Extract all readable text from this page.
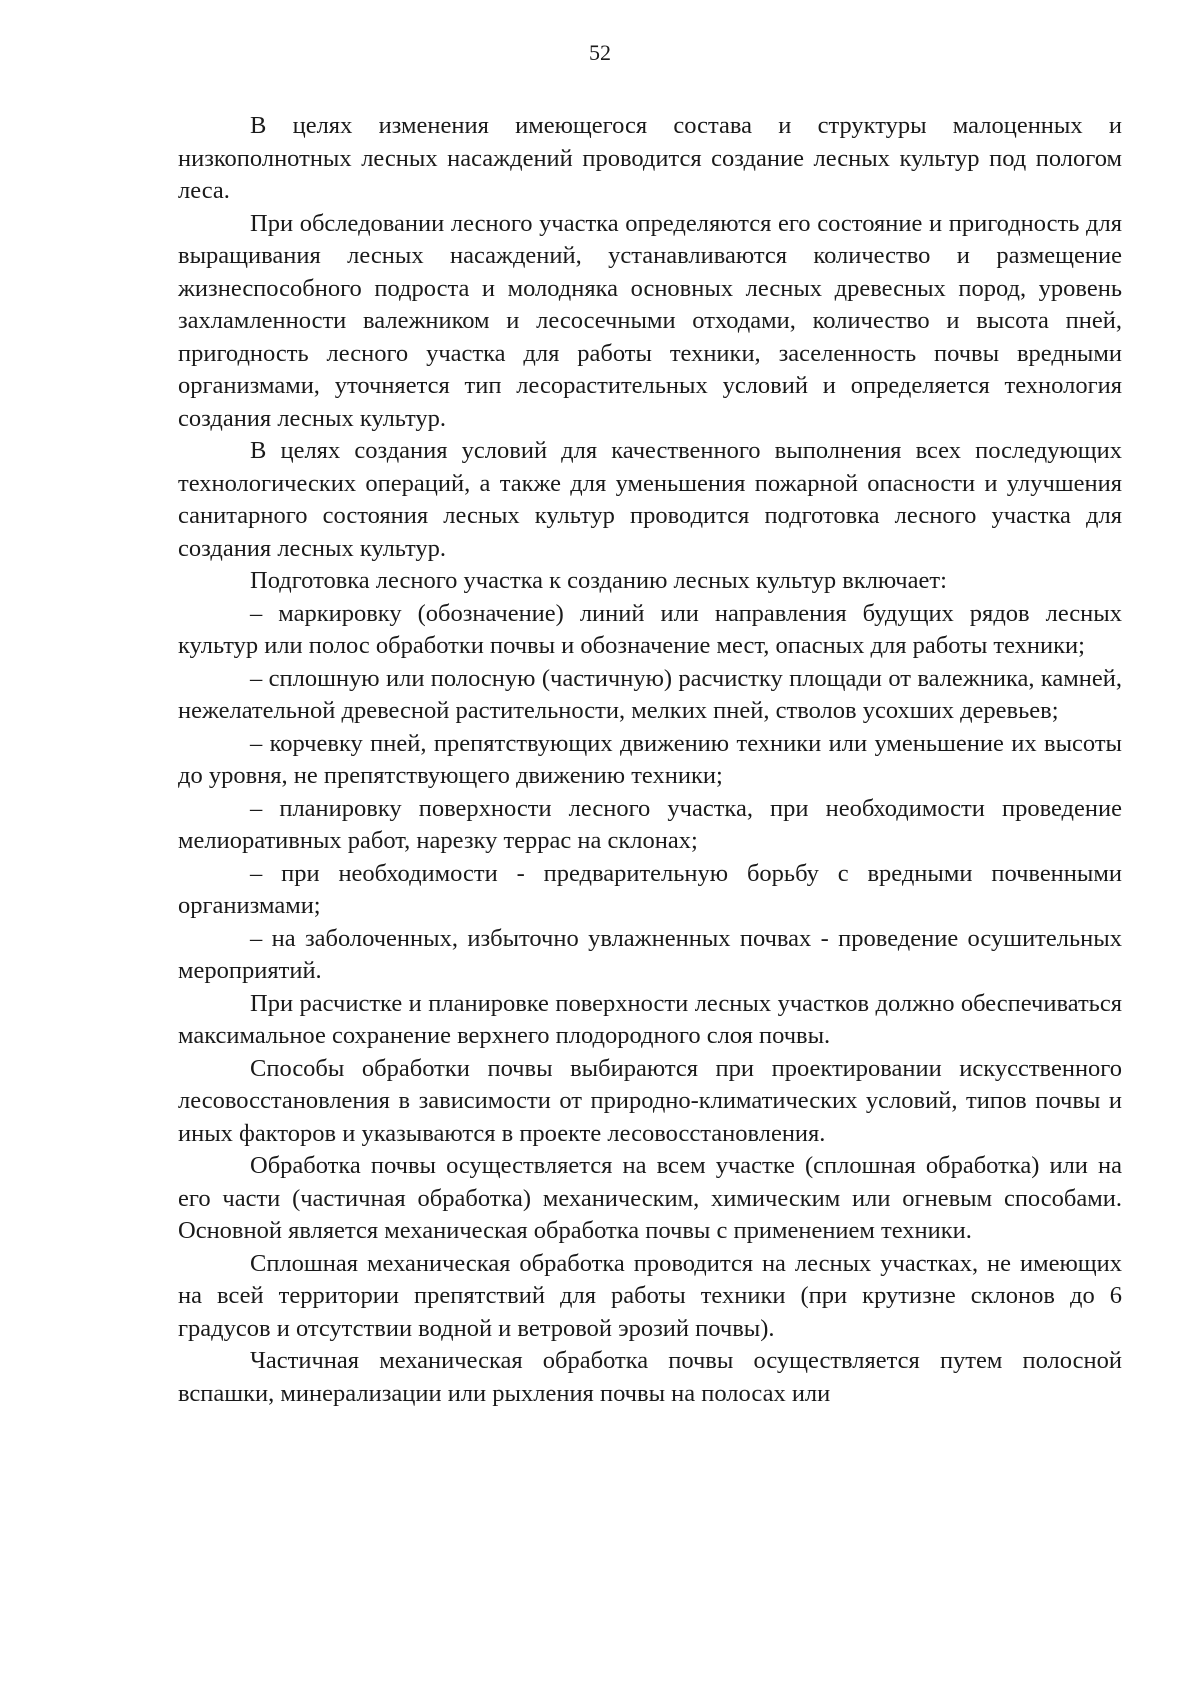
52

В целях изменения имеющегося состава и структуры малоценных и низкополнотных лесных насаждений проводится создание лесных культур под пологом леса.

При обследовании лесного участка определяются его состояние и пригодность для выращивания лесных насаждений, устанавливаются количество и размещение жизнеспособного подроста и молодняка основных лесных древесных пород, уровень захламленности валежником и лесосечными отходами, количество и высота пней, пригодность лесного участка для работы техники, заселенность почвы вредными организмами, уточняется тип лесорастительных условий и определяется технология создания лесных культур.

В целях создания условий для качественного выполнения всех последующих технологических операций, а также для уменьшения пожарной опасности и улучшения санитарного состояния лесных культур проводится подготовка лесного участка для создания лесных культур.

Подготовка лесного участка к созданию лесных культур включает:

– маркировку (обозначение) линий или направления будущих рядов лесных культур или полос обработки почвы и обозначение мест, опасных для работы техники;

– сплошную или полосную (частичную) расчистку площади от валежника, камней, нежелательной древесной растительности, мелких пней, стволов усохших деревьев;

– корчевку пней, препятствующих движению техники или уменьшение их высоты до уровня, не препятствующего движению техники;

– планировку поверхности лесного участка, при необходимости проведение мелиоративных работ, нарезку террас на склонах;

– при необходимости - предварительную борьбу с вредными почвенными организмами;

– на заболоченных, избыточно увлажненных почвах - проведение осушительных мероприятий.

При расчистке и планировке поверхности лесных участков должно обеспечиваться максимальное сохранение верхнего плодородного слоя почвы.

Способы обработки почвы выбираются при проектировании искусственного лесовосстановления в зависимости от природно-климатических условий, типов почвы и иных факторов и указываются в проекте лесовосстановления.

Обработка почвы осуществляется на всем участке (сплошная обработка) или на его части (частичная обработка) механическим, химическим или огневым способами. Основной является механическая обработка почвы с применением техники.

Сплошная механическая обработка проводится на лесных участках, не имеющих на всей территории препятствий для работы техники (при крутизне склонов до 6 градусов и отсутствии водной и ветровой эрозий почвы).

Частичная механическая обработка почвы осуществляется путем полосной вспашки, минерализации или рыхления почвы на полосах или
